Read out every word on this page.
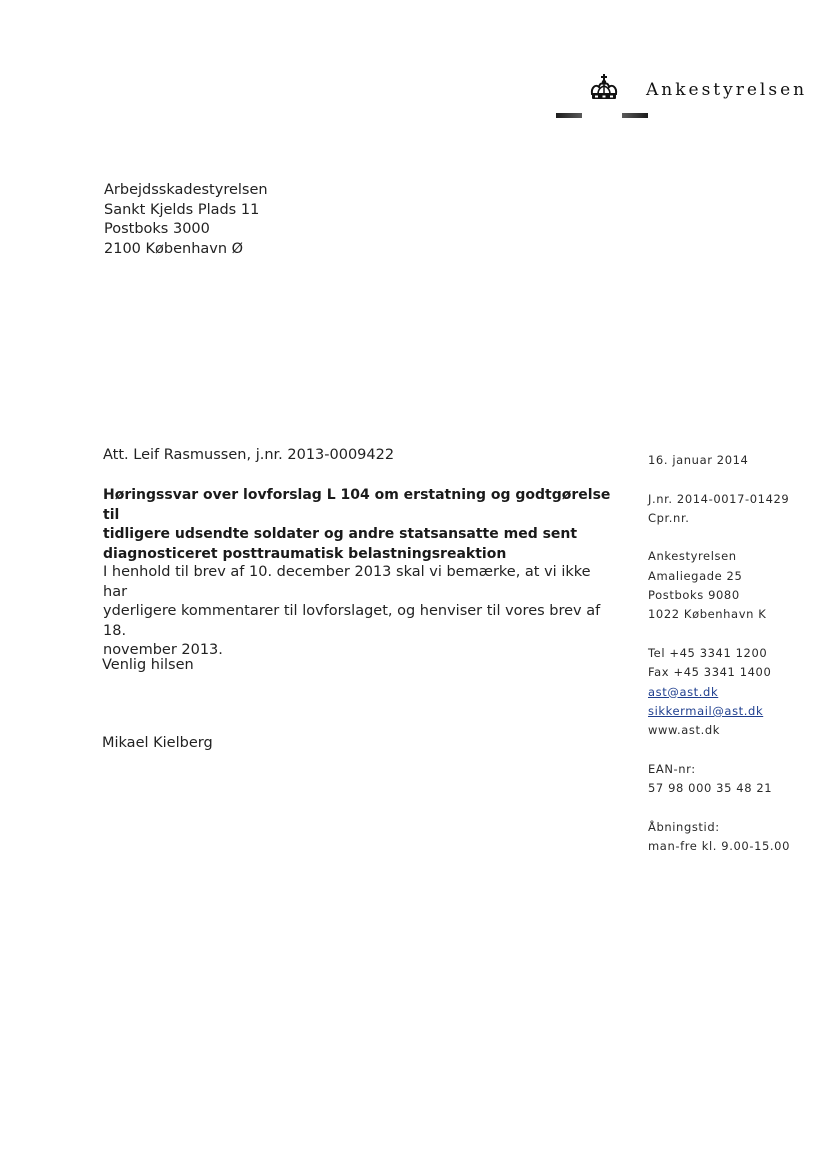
Ankestyrelsen
Arbejdsskadestyrelsen
Sankt Kjelds Plads 11
Postboks 3000
2100 København Ø
Att. Leif Rasmussen, j.nr. 2013-0009422
Høringssvar over lovforslag L 104 om erstatning og godtgørelse til
tidligere udsendte soldater og andre statsansatte med sent
diagnosticeret posttraumatisk belastningsreaktion
I henhold til brev af 10. december 2013 skal vi bemærke, at vi ikke har
yderligere kommentarer til lovforslaget, og henviser til vores brev af 18.
november 2013.
Venlig hilsen
Mikael Kielberg
16. januar 2014
J.nr. 2014-0017-01429
Cpr.nr.
Ankestyrelsen
Amaliegade 25
Postboks 9080
1022 København K
Tel +45 3341 1200
Fax +45 3341 1400
ast@ast.dk
sikkermail@ast.dk
www.ast.dk
EAN-nr:
57 98 000 35 48 21
Åbningstid:
man-fre kl. 9.00-15.00
